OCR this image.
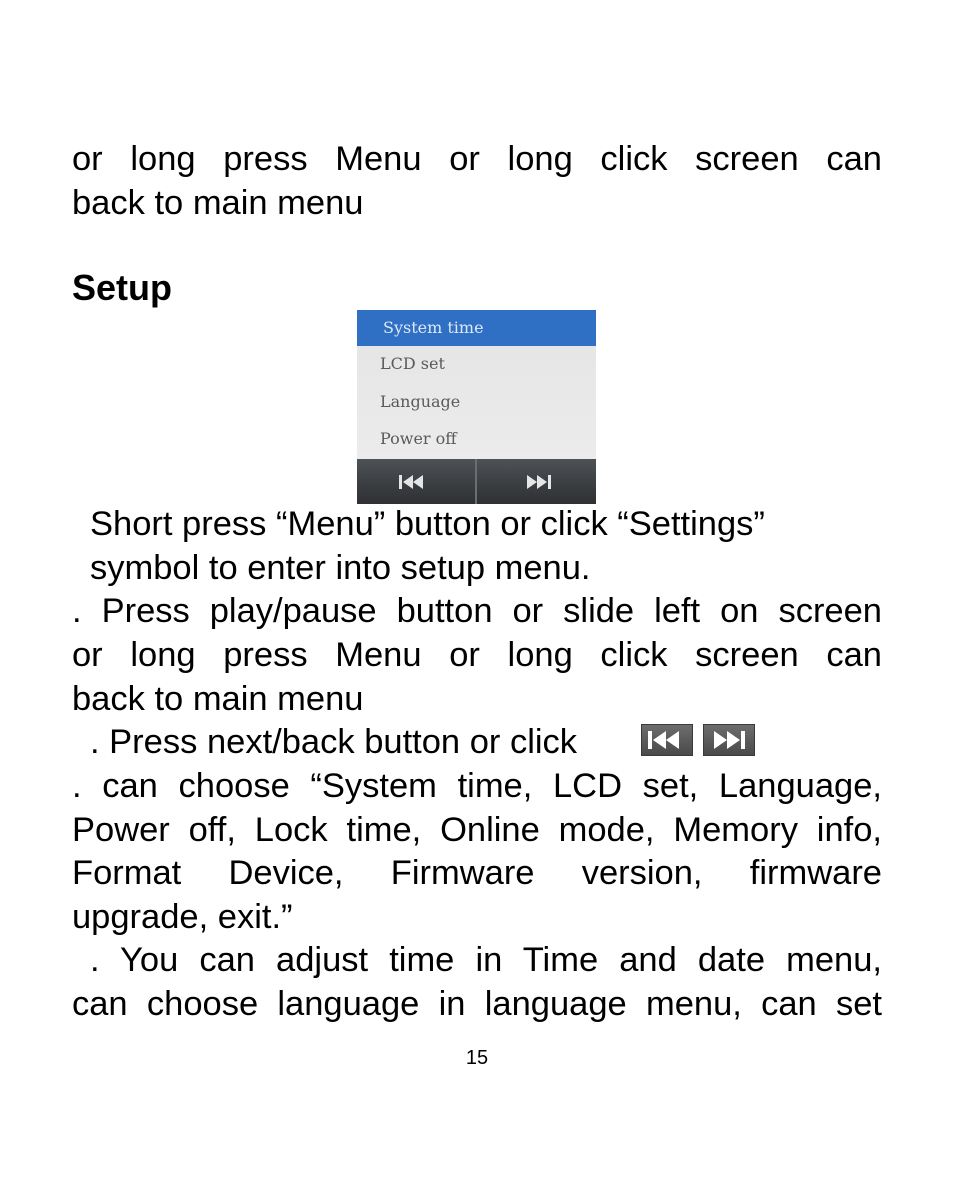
or long press Menu or long click screen can
back to main menu
Setup
System time
LCD set
Language
Power off
Short press “Menu” button or click “Settings”
symbol to enter into setup menu.
. Press play/pause button or slide left on screen
or long press Menu or long click screen can
back to main menu
. Press next/back button or click
. can choose “System time, LCD set, Language,
Power off, Lock time, Online mode, Memory info,
Format Device, Firmware version, firmware
upgrade, exit.”
. You can adjust time in Time and date menu,
can choose language in language menu, can set
15
